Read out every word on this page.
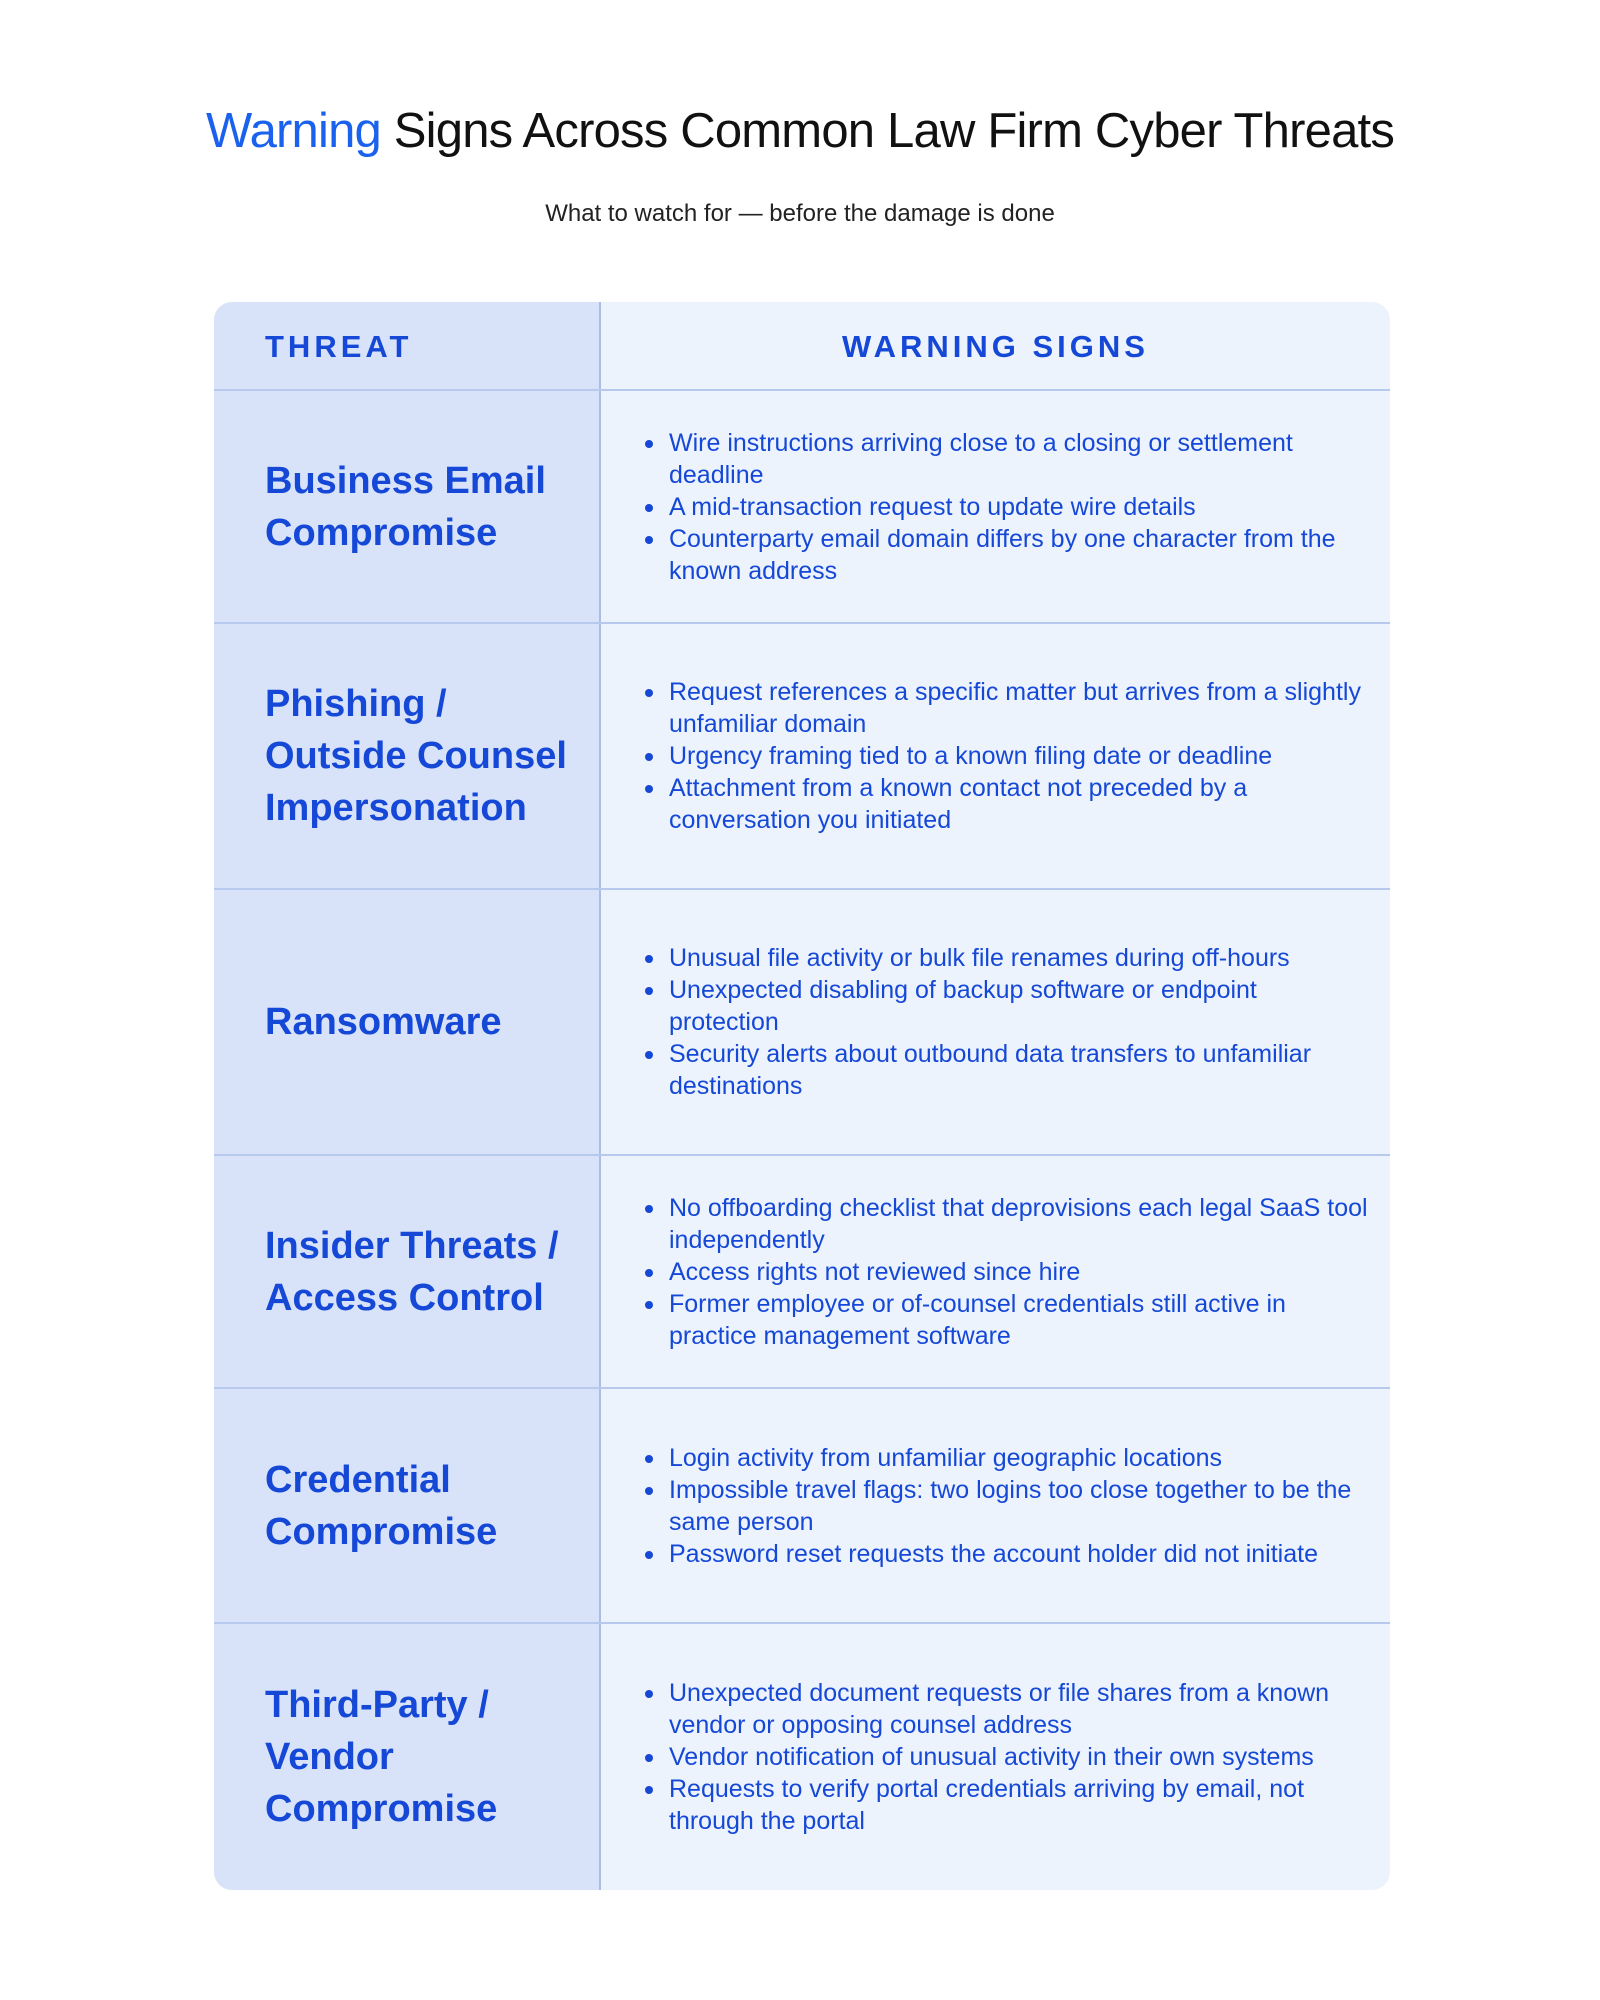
Warning Signs Across Common Law Firm Cyber Threats

What to watch for — before the damage is done

THREAT	WARNING SIGNS

Business Email Compromise

Wire instructions arriving close to a closing or settlement deadline
A mid-transaction request to update wire details
Counterparty email domain differs by one character from the known address

Phishing / Outside Counsel Impersonation

Request references a specific matter but arrives from a slightly unfamiliar domain
Urgency framing tied to a known filing date or deadline
Attachment from a known contact not preceded by a conversation you initiated

Ransomware

Unusual file activity or bulk file renames during off-hours
Unexpected disabling of backup software or endpoint protection
Security alerts about outbound data transfers to unfamiliar destinations

Insider Threats / Access Control

No offboarding checklist that deprovisions each legal SaaS tool independently
Access rights not reviewed since hire
Former employee or of-counsel credentials still active in practice management software

Credential Compromise

Login activity from unfamiliar geographic locations
Impossible travel flags: two logins too close together to be the same person
Password reset requests the account holder did not initiate

Third-Party / Vendor Compromise

Unexpected document requests or file shares from a known vendor or opposing counsel address
Vendor notification of unusual activity in their own systems
Requests to verify portal credentials arriving by email, not through the portal
